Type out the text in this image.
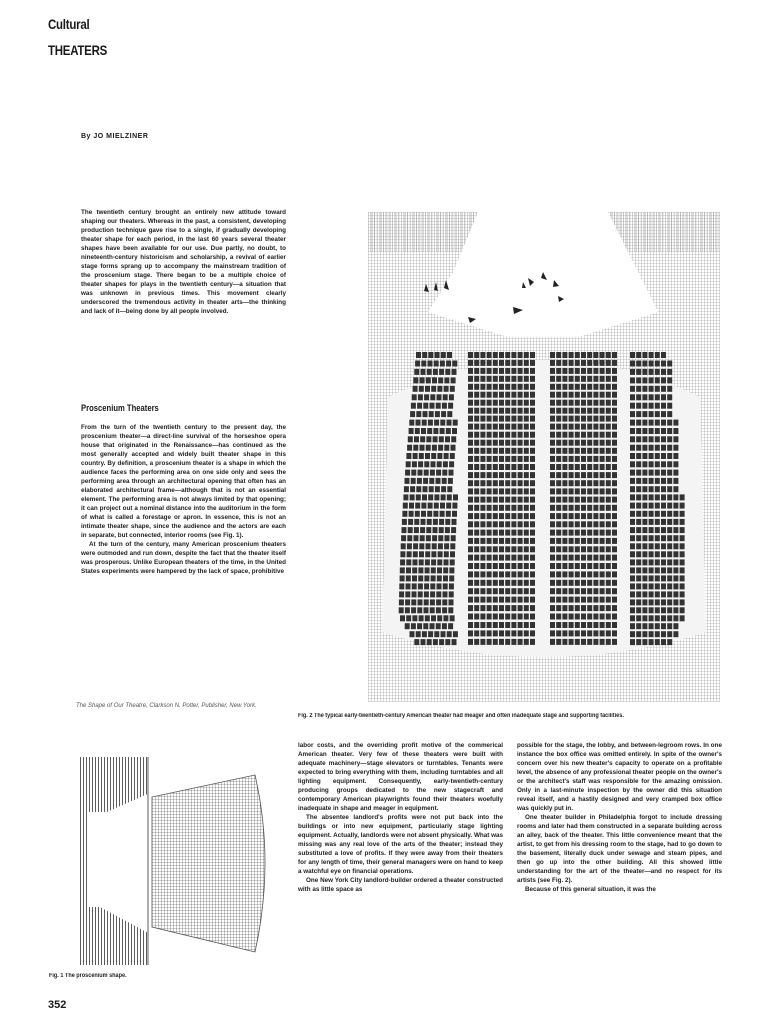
Cultural
THEATERS
By JO MIELZINER

The twentieth century brought an entirely new attitude toward shaping our theaters. Whereas in the past, a consistent, developing production technique gave rise to a single, if gradually developing theater shape for each period, in the last 60 years several theater shapes have been available for our use. Due partly, no doubt, to nineteenth-century historicism and scholarship, a revival of earlier stage forms sprang up to accompany the mainstream tradition of the proscenium stage. There began to be a multiple choice of theater shapes for plays in the twentieth century—a situation that was unknown in previous times. This movement clearly underscored the tremendous activity in theater arts—the thinking and lack of it—being done by all people involved.

Proscenium Theaters

From the turn of the twentieth century to the present day, the proscenium theater—a direct-line survival of the horseshoe opera house that originated in the Renaissance—has continued as the most generally accepted and widely built theater shape in this country. By definition, a proscenium theater is a shape in which the audience faces the performing area on one side only and sees the performing area through an architectural opening that often has an elaborated architectural frame—although that is not an essential element. The performing area is not always limited by that opening; it can project out a nominal distance into the auditorium in the form of what is called a forestage or apron. In essence, this is not an intimate theater shape, since the audience and the actors are each in separate, but connected, interior rooms (see Fig. 1).

At the turn of the century, many American proscenium theaters were outmoded and run down, despite the fact that the theater itself was prosperous. Unlike European theaters of the time, in the United States experiments were hampered by the lack of space, prohibitive

The Shape of Our Theatre, Clarkson N. Potter, Publisher, New York.
Fig. 2 The typical early-twentieth-century American theater had meager and often inadequate stage and supporting facilities.
Fig. 1 The proscenium shape.

labor costs, and the overriding profit motive of the commerical American theater. Very few of these theaters were built with adequate machinery—stage elevators or turntables. Tenants were expected to bring everything with them, including turntables and all lighting equipment. Consequently, early-twentieth-century producing groups dedicated to the new stagecraft and contemporary American playwrights found their theaters woefully inadequate in shape and meager in equipment.

The absentee landlord's profits were not put back into the buildings or into new equipment, particularly stage lighting equipment. Actually, landlords were not absent physically. What was missing was any real love of the arts of the theater; instead they substituted a love of profits. If they were away from their theaters for any length of time, their general managers were on hand to keep a watchful eye on financial operations.

One New York City landlord-builder ordered a theater constructed with as little space as

possible for the stage, the lobby, and between-legroom rows. In one instance the box office was omitted entirely. In spite of the owner's concern over his new theater's capacity to operate on a profitable level, the absence of any professional theater people on the owner's or the architect's staff was responsible for the amazing omission. Only in a last-minute inspection by the owner did this situation reveal itself, and a hastily designed and very cramped box office was quickly put in.

One theater builder in Philadelphia forgot to include dressing rooms and later had them constructed in a separate building across an alley, back of the theater. This little convenience meant that the artist, to get from his dressing room to the stage, had to go down to the basement, literally duck under sewage and steam pipes, and then go up into the other building. All this showed little understanding for the art of the theater—and no respect for its artists (see Fig. 2).

Because of this general situation, it was the

352
